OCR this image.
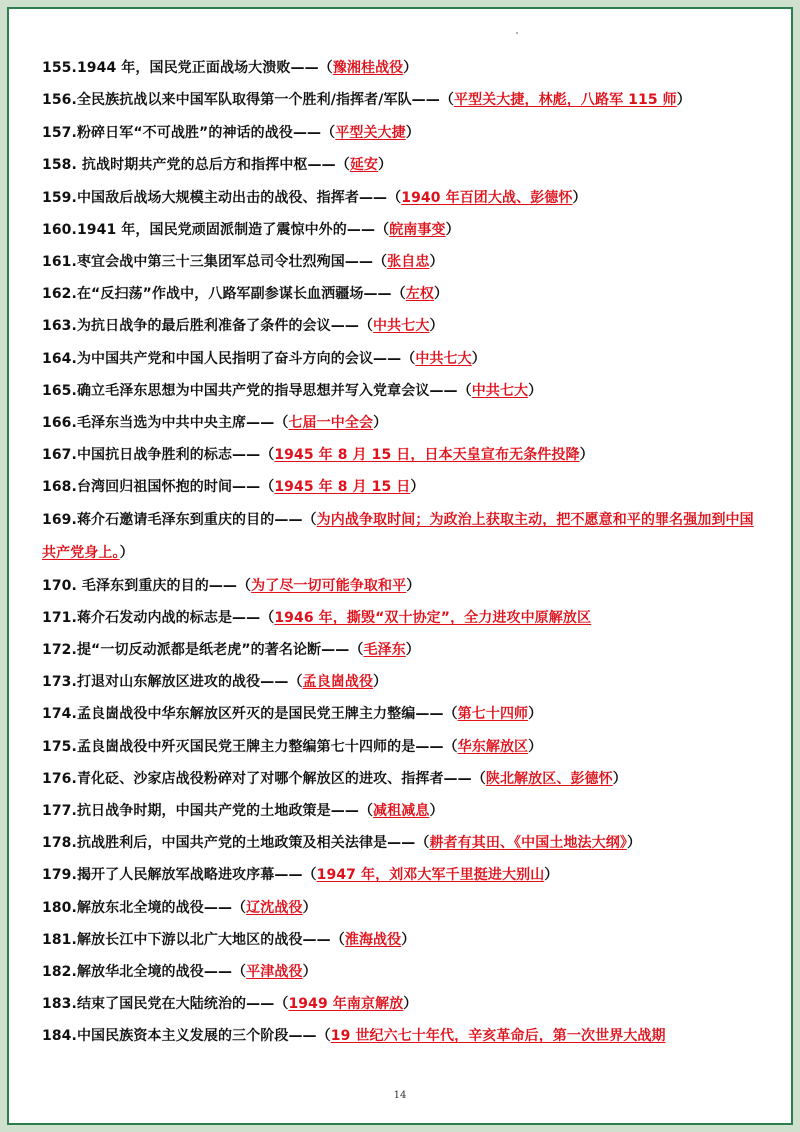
155.1944 年，国民党正面战场大溃败——（豫湘桂战役）
156.全民族抗战以来中国军队取得第一个胜利/指挥者/军队——（平型关大捷，林彪，八路军 115 师）
157.粉碎日军“不可战胜”的神话的战役——（平型关大捷）
158. 抗战时期共产党的总后方和指挥中枢——（延安）
159.中国敌后战场大规模主动出击的战役、指挥者——（1940 年百团大战、彭德怀）
160.1941 年，国民党顽固派制造了震惊中外的——（皖南事变）
161.枣宜会战中第三十三集团军总司令壮烈殉国——（张自忠）
162.在“反扫荡”作战中，八路军副参谋长血洒疆场——（左权）
163.为抗日战争的最后胜利准备了条件的会议——（中共七大）
164.为中国共产党和中国人民指明了奋斗方向的会议——（中共七大）
165.确立毛泽东思想为中国共产党的指导思想并写入党章会议——（中共七大）
166.毛泽东当选为中共中央主席——（七届一中全会）
167.中国抗日战争胜利的标志——（1945 年 8 月 15 日，日本天皇宣布无条件投降）
168.台湾回归祖国怀抱的时间——（1945 年 8 月 15 日）
169.蒋介石邀请毛泽东到重庆的目的——（为内战争取时间；为政治上获取主动，把不愿意和平的罪名强加到中国共产党身上。）
170. 毛泽东到重庆的目的——（为了尽一切可能争取和平）
171.蒋介石发动内战的标志是——（1946 年，撕毁“双十协定”，全力进攻中原解放区
172.提“一切反动派都是纸老虎”的著名论断——（毛泽东）
173.打退对山东解放区进攻的战役——（孟良崮战役）
174.孟良崮战役中华东解放区歼灭的是国民党王牌主力整编——（第七十四师）
175.孟良崮战役中歼灭国民党王牌主力整编第七十四师的是——（华东解放区）
176.青化砭、沙家店战役粉碎对了对哪个解放区的进攻、指挥者——（陕北解放区、彭德怀）
177.抗日战争时期，中国共产党的土地政策是——（减租减息）
178.抗战胜利后，中国共产党的土地政策及相关法律是——（耕者有其田、《中国土地法大纲》）
179.揭开了人民解放军战略进攻序幕——（1947 年，刘邓大军千里挺进大别山）
180.解放东北全境的战役——（辽沈战役）
181.解放长江中下游以北广大地区的战役——（淮海战役）
182.解放华北全境的战役——（平津战役）
183.结束了国民党在大陆统治的——（1949 年南京解放）
184.中国民族资本主义发展的三个阶段——（19 世纪六七十年代，辛亥革命后，第一次世界大战期
14
